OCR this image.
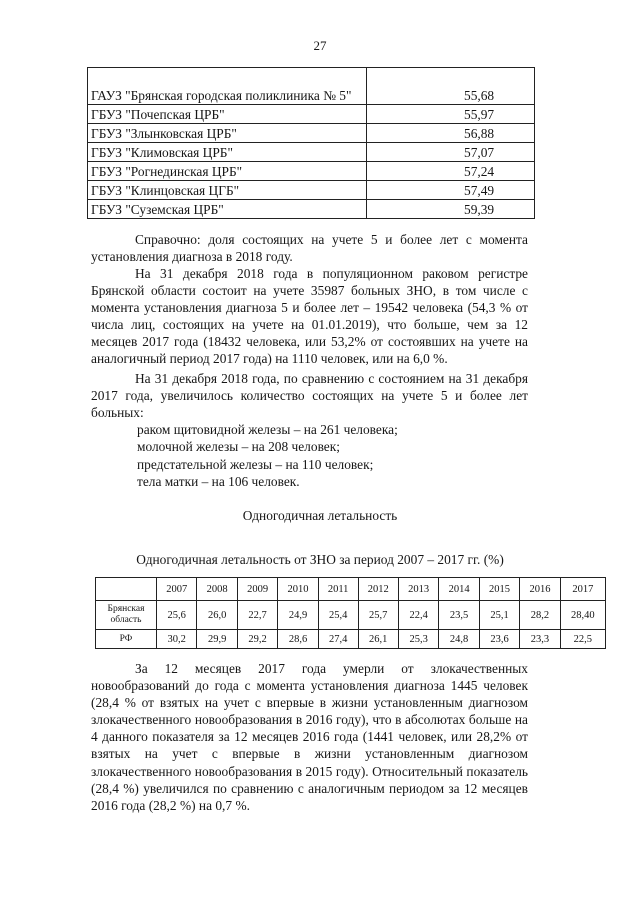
27
ГАУЗ "Брянская городская поликлиника № 5"	55,68
ГБУЗ "Почепская ЦРБ"	55,97
ГБУЗ "Злынковская ЦРБ"	56,88
ГБУЗ "Климовская ЦРБ"	57,07
ГБУЗ "Рогнединская ЦРБ"	57,24
ГБУЗ "Клинцовская ЦГБ"	57,49
ГБУЗ "Суземская ЦРБ"	59,39

Справочно: доля состоящих на учете 5 и более лет с момента установления диагноза в 2018 году.

На 31 декабря 2018 года в популяционном раковом регистре Брянской области состоит на учете 35987 больных ЗНО, в том числе с момента установления диагноза 5 и более лет – 19542 человека (54,3 % от числа лиц, состоящих на учете на 01.01.2019), что больше, чем за 12 месяцев 2017 года (18432 человека, или 53,2% от состоявших на учете на аналогичный период 2017 года) на 1110 человек, или на 6,0 %.

На 31 декабря 2018 года, по сравнению с состоянием на 31 декабря 2017 года, увеличилось количество состоящих на учете 5 и более лет больных:

раком щитовидной железы – на 261 человека;
молочной железы – на 208 человек;
предстательной железы – на 110 человек;
тела матки – на 106 человек.
Одногодичная летальность
Одногодичная летальность от ЗНО за период 2007 – 2017 гг. (%)
	2007	2008	2009	2010	2011	2012	2013	2014	2015	2016	2017
Брянская область	25,6	26,0	22,7	24,9	25,4	25,7	22,4	23,5	25,1	28,2	28,40
РФ	30,2	29,9	29,2	28,6	27,4	26,1	25,3	24,8	23,6	23,3	22,5

За 12 месяцев 2017 года умерли от злокачественных новообразований до года с момента установления диагноза 1445 человек (28,4 % от взятых на учет с впервые в жизни установленным диагнозом злокачественного новообразования в 2016 году), что в абсолютах больше на 4 данного показателя за 12 месяцев 2016 года (1441 человек, или 28,2% от взятых на учет с впервые в жизни установленным диагнозом злокачественного новообразования в 2015 году). Относительный показатель (28,4 %) увеличился по сравнению с аналогичным периодом за 12 месяцев 2016 года (28,2 %) на 0,7 %.
